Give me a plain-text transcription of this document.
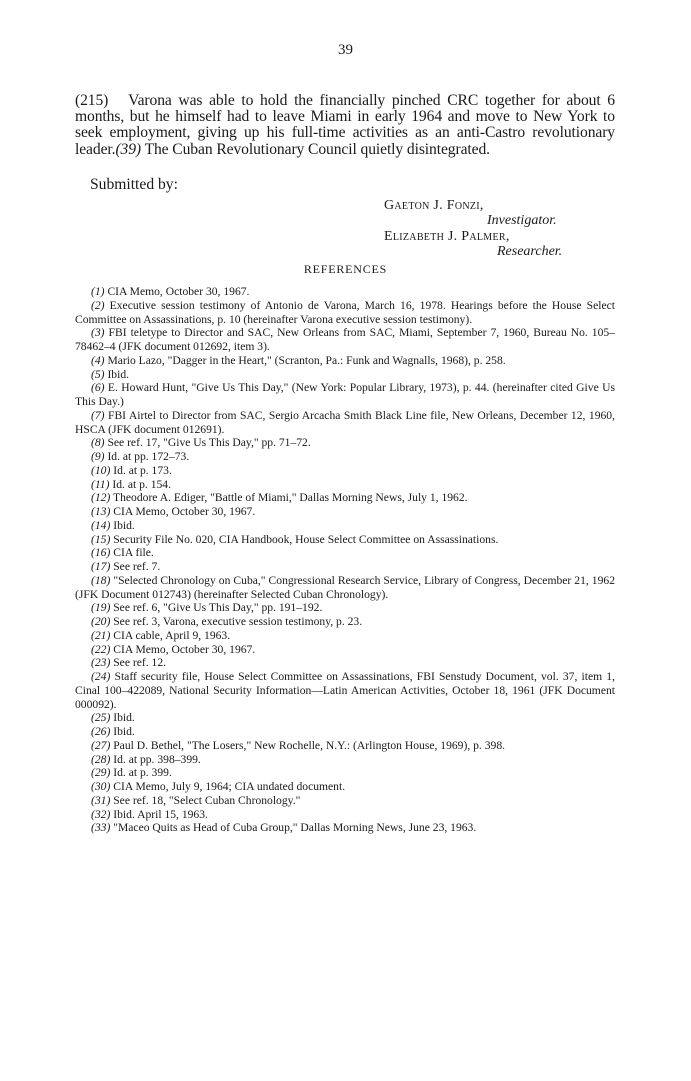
39

(215) Varona was able to hold the financially pinched CRC together for about 6 months, but he himself had to leave Miami in early 1964 and move to New York to seek employment, giving up his full-time activities as an anti-Castro revolutionary leader.(39) The Cuban Revolutionary Council quietly disintegrated.

Submitted by:
Gaeton J. Fonzi,
Investigator.
Elizabeth J. Palmer,
Researcher.
REFERENCES

(1) CIA Memo, October 30, 1967.

(2) Executive session testimony of Antonio de Varona, March 16, 1978. Hearings before the House Select Committee on Assassinations, p. 10 (hereinafter Varona executive session testimony).

(3) FBI teletype to Director and SAC, New Orleans from SAC, Miami, September 7, 1960, Bureau No. 105–78462–4 (JFK document 012692, item 3).

(4) Mario Lazo, "Dagger in the Heart," (Scranton, Pa.: Funk and Wagnalls, 1968), p. 258.

(5) Ibid.

(6) E. Howard Hunt, "Give Us This Day," (New York: Popular Library, 1973), p. 44. (hereinafter cited Give Us This Day.)

(7) FBI Airtel to Director from SAC, Sergio Arcacha Smith Black Line file, New Orleans, December 12, 1960, HSCA (JFK document 012691).

(8) See ref. 17, "Give Us This Day," pp. 71–72.

(9) Id. at pp. 172–73.

(10) Id. at p. 173.

(11) Id. at p. 154.

(12) Theodore A. Ediger, "Battle of Miami," Dallas Morning News, July 1, 1962.

(13) CIA Memo, October 30, 1967.

(14) Ibid.

(15) Security File No. 020, CIA Handbook, House Select Committee on Assassinations.

(16) CIA file.

(17) See ref. 7.

(18) "Selected Chronology on Cuba," Congressional Research Service, Library of Congress, December 21, 1962 (JFK Document 012743) (hereinafter Selected Cuban Chronology).

(19) See ref. 6, "Give Us This Day," pp. 191–192.

(20) See ref. 3, Varona, executive session testimony, p. 23.

(21) CIA cable, April 9, 1963.

(22) CIA Memo, October 30, 1967.

(23) See ref. 12.

(24) Staff security file, House Select Committee on Assassinations, FBI Senstudy Document, vol. 37, item 1, Cinal 100–422089, National Security Information—Latin American Activities, October 18, 1961 (JFK Document 000092).

(25) Ibid.

(26) Ibid.

(27) Paul D. Bethel, "The Losers," New Rochelle, N.Y.: (Arlington House, 1969), p. 398.

(28) Id. at pp. 398–399.

(29) Id. at p. 399.

(30) CIA Memo, July 9, 1964; CIA undated document.

(31) See ref. 18, "Select Cuban Chronology."

(32) Ibid. April 15, 1963.

(33) "Maceo Quits as Head of Cuba Group," Dallas Morning News, June 23, 1963.
